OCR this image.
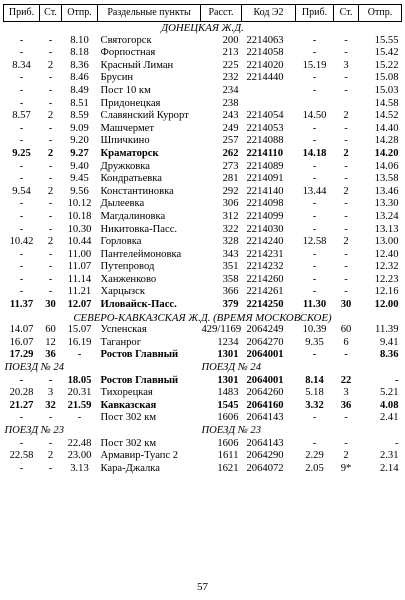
Приб.	Ст.	Отпр.	Раздельные пункты	Расст.	Код Э2	Приб.	Ст.	Отпр.
ДОНЕЦКАЯ Ж.Д.								
-	-	8.10	Святогорск	200	2214063	-	-	15.55
-	-	8.18	Форпостная	213	2214058	-	-	15.42
8.34	2	8.36	Красный Лиман	225	2214020	15.19	3	15.22
-	-	8.46	Брусин	232	2214440	-	-	15.08
-	-	8.49	Пост 10 км	234		-	-	15.03
-	-	8.51	Придонецкая	238				14.58
8.57	2	8.59	Славянский Курорт	243	2214054	14.50	2	14.52
-	-	9.09	Машчермет	249	2214053	-	-	14.40
-	-	9.20	Шпичкино	257	2214088	-	-	14.28
9.25	2	9.27	Краматорск	262	2214110	14.18	2	14.20
-	-	9.40	Дружковка	273	2214089	-	-	14.06
-	-	9.45	Кондратьевка	281	2214091	-	-	13.58
9.54	2	9.56	Константиновка	292	2214140	13.44	2	13.46
-	-	10.12	Дылеевка	306	2214098	-	-	13.30
-	-	10.18	Магдалиновка	312	2214099	-	-	13.24
-	-	10.30	Никитовка-Пасс.	322	2214030	-	-	13.13
10.42	2	10.44	Горловка	328	2214240	12.58	2	13.00
-	-	11.00	Пантелеймоновка	343	2214231	-	-	12.40
-	-	11.07	Путепровод	351	2214232	-	-	12.32
-	-	11.14	Ханженково	358	2214260	-	-	12.23
-	-	11.21	Харцызск	366	2214261	-	-	12.16
11.37	30	12.07	Иловайск-Пасс.	379	2214250	11.30	30	12.00
СЕВЕРО-КАВКАЗСКАЯ Ж.Д. (ВРЕМЯ МОСКОВСКОЕ)								
14.07	60	15.07	Успенская	429/1169	2064249	10.39	60	11.39
16.07	12	16.19	Таганрог	1234	2064270	9.35	6	9.41
17.29	36	-	Ростов Главный	1301	2064001	-	-	8.36
ПОЕЗД № 24				ПОЕЗД № 24				
-	-	18.05	Ростов Главный	1301	2064001	8.14	22	-
20.28	3	20.31	Тихорецкая	1483	2064260	5.18	3	5.21
21.27	32	21.59	Кавказская	1545	2064160	3.32	36	4.08
-	-	-	Пост 302 км	1606	2064143	-	-	2.41
ПОЕЗД № 23				ПОЕЗД № 23				
-	-	22.48	Пост 302 км	1606	2064143	-	-	-
22.58	2	23.00	Армавир-Туапс 2	1611	2064290	2.29	2	2.31
-	-	3.13	Кара-Джалка	1621	2064072	2.05	9*	2.14
57
